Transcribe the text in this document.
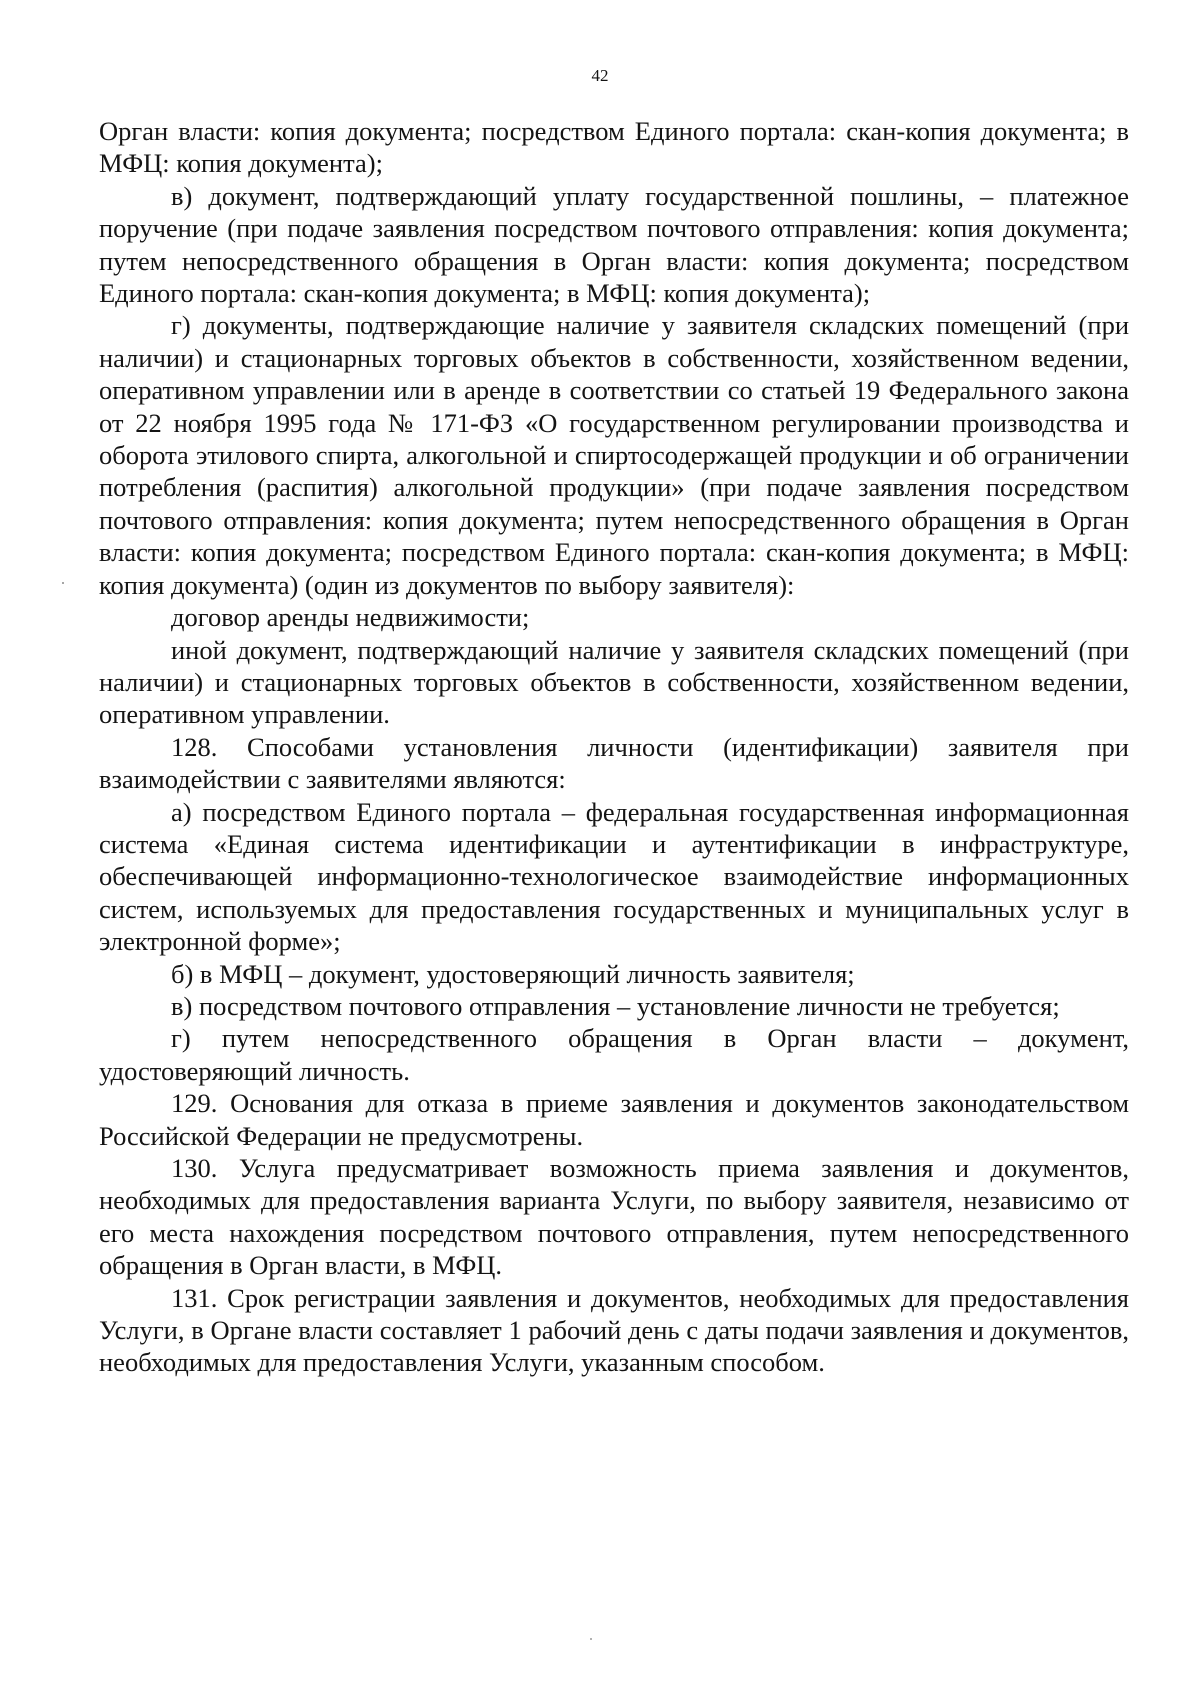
42

Орган власти: копия документа; посредством Единого портала: скан-копия документа; в МФЦ: копия документа);

в) документ, подтверждающий уплату государственной пошлины, – платежное поручение (при подаче заявления посредством почтового отправления: копия документа; путем непосредственного обращения в Орган власти: копия документа; посредством Единого портала: скан-копия документа; в МФЦ: копия документа);

г) документы, подтверждающие наличие у заявителя складских помещений (при наличии) и стационарных торговых объектов в собственности, хозяйственном ведении, оперативном управлении или в аренде в соответствии со статьей 19 Федерального закона от 22 ноября 1995 года № 171-ФЗ «О государственном регулировании производства и оборота этилового спирта, алкогольной и спиртосодержащей продукции и об ограничении потребления (распития) алкогольной продукции» (при подаче заявления посредством почтового отправления: копия документа; путем непосредственного обращения в Орган власти: копия документа; посредством Единого портала: скан-копия документа; в МФЦ: копия документа) (один из документов по выбору заявителя):

договор аренды недвижимости;

иной документ, подтверждающий наличие у заявителя складских помещений (при наличии) и стационарных торговых объектов в собственности, хозяйственном ведении, оперативном управлении.

128. Способами установления личности (идентификации) заявителя при взаимодействии с заявителями являются:

а) посредством Единого портала – федеральная государственная информационная система «Единая система идентификации и аутентификации в инфраструктуре, обеспечивающей информационно-технологическое взаимодействие информационных систем, используемых для предоставления государственных и муниципальных услуг в электронной форме»;

б) в МФЦ – документ, удостоверяющий личность заявителя;

в) посредством почтового отправления – установление личности не требуется;

г) путем непосредственного обращения в Орган власти – документ, удостоверяющий личность.

129. Основания для отказа в приеме заявления и документов законодательством Российской Федерации не предусмотрены.

130. Услуга предусматривает возможность приема заявления и документов, необходимых для предоставления варианта Услуги, по выбору заявителя, независимо от его места нахождения посредством почтового отправления, путем непосредственного обращения в Орган власти, в МФЦ.

131. Срок регистрации заявления и документов, необходимых для предоставления Услуги, в Органе власти составляет 1 рабочий день с даты подачи заявления и документов, необходимых для предоставления Услуги, указанным способом.
